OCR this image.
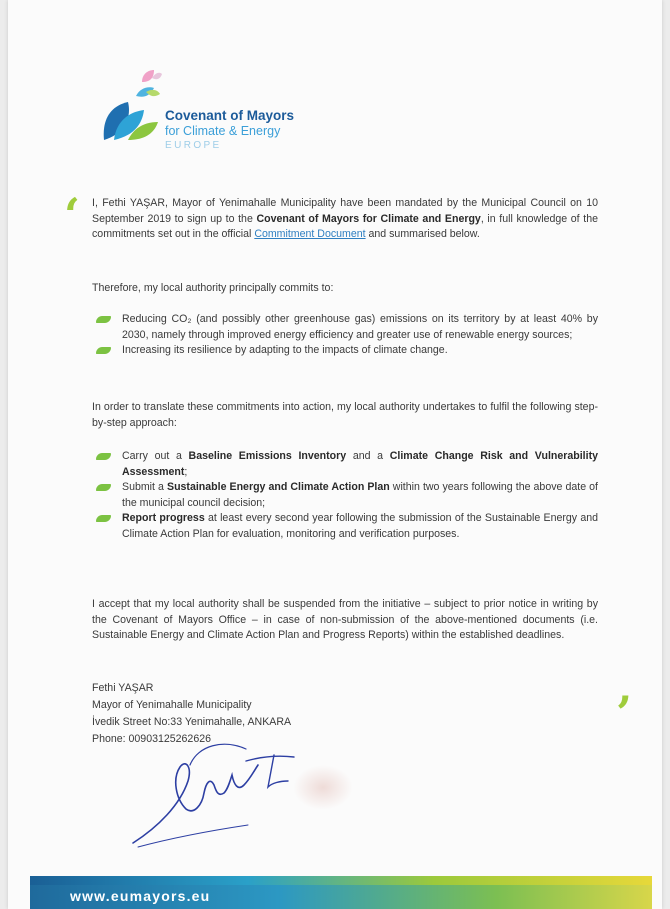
Covenant of Mayors
for Climate & Energy
EUROPE
‘ I, Fethi YAŞAR, Mayor of Yenimahalle Municipality have been mandated by the Municipal Council on 10 September 2019 to sign up to the Covenant of Mayors for Climate and Energy, in full knowledge of the commitments set out in the official Commitment Document and summarised below.
Therefore, my local authority principally commits to:
Reducing CO₂ (and possibly other greenhouse gas) emissions on its territory by at least 40% by 2030, namely through improved energy efficiency and greater use of renewable energy sources;
Increasing its resilience by adapting to the impacts of climate change.
In order to translate these commitments into action, my local authority undertakes to fulfil the following step-by-step approach:
Carry out a Baseline Emissions Inventory and a Climate Change Risk and Vulnerability Assessment;
Submit a Sustainable Energy and Climate Action Plan within two years following the above date of the municipal council decision;
Report progress at least every second year following the submission of the Sustainable Energy and Climate Action Plan for evaluation, monitoring and verification purposes.
I accept that my local authority shall be suspended from the initiative – subject to prior notice in writing by the Covenant of Mayors Office – in case of non-submission of the above-mentioned documents (i.e. Sustainable Energy and Climate Action Plan and Progress Reports) within the established deadlines.
Fethi YAŞAR
Mayor of Yenimahalle Municipality
İvedik Street No:33 Yenimahalle, ANKARA
Phone: 00903125262626	’
www.eumayors.eu
